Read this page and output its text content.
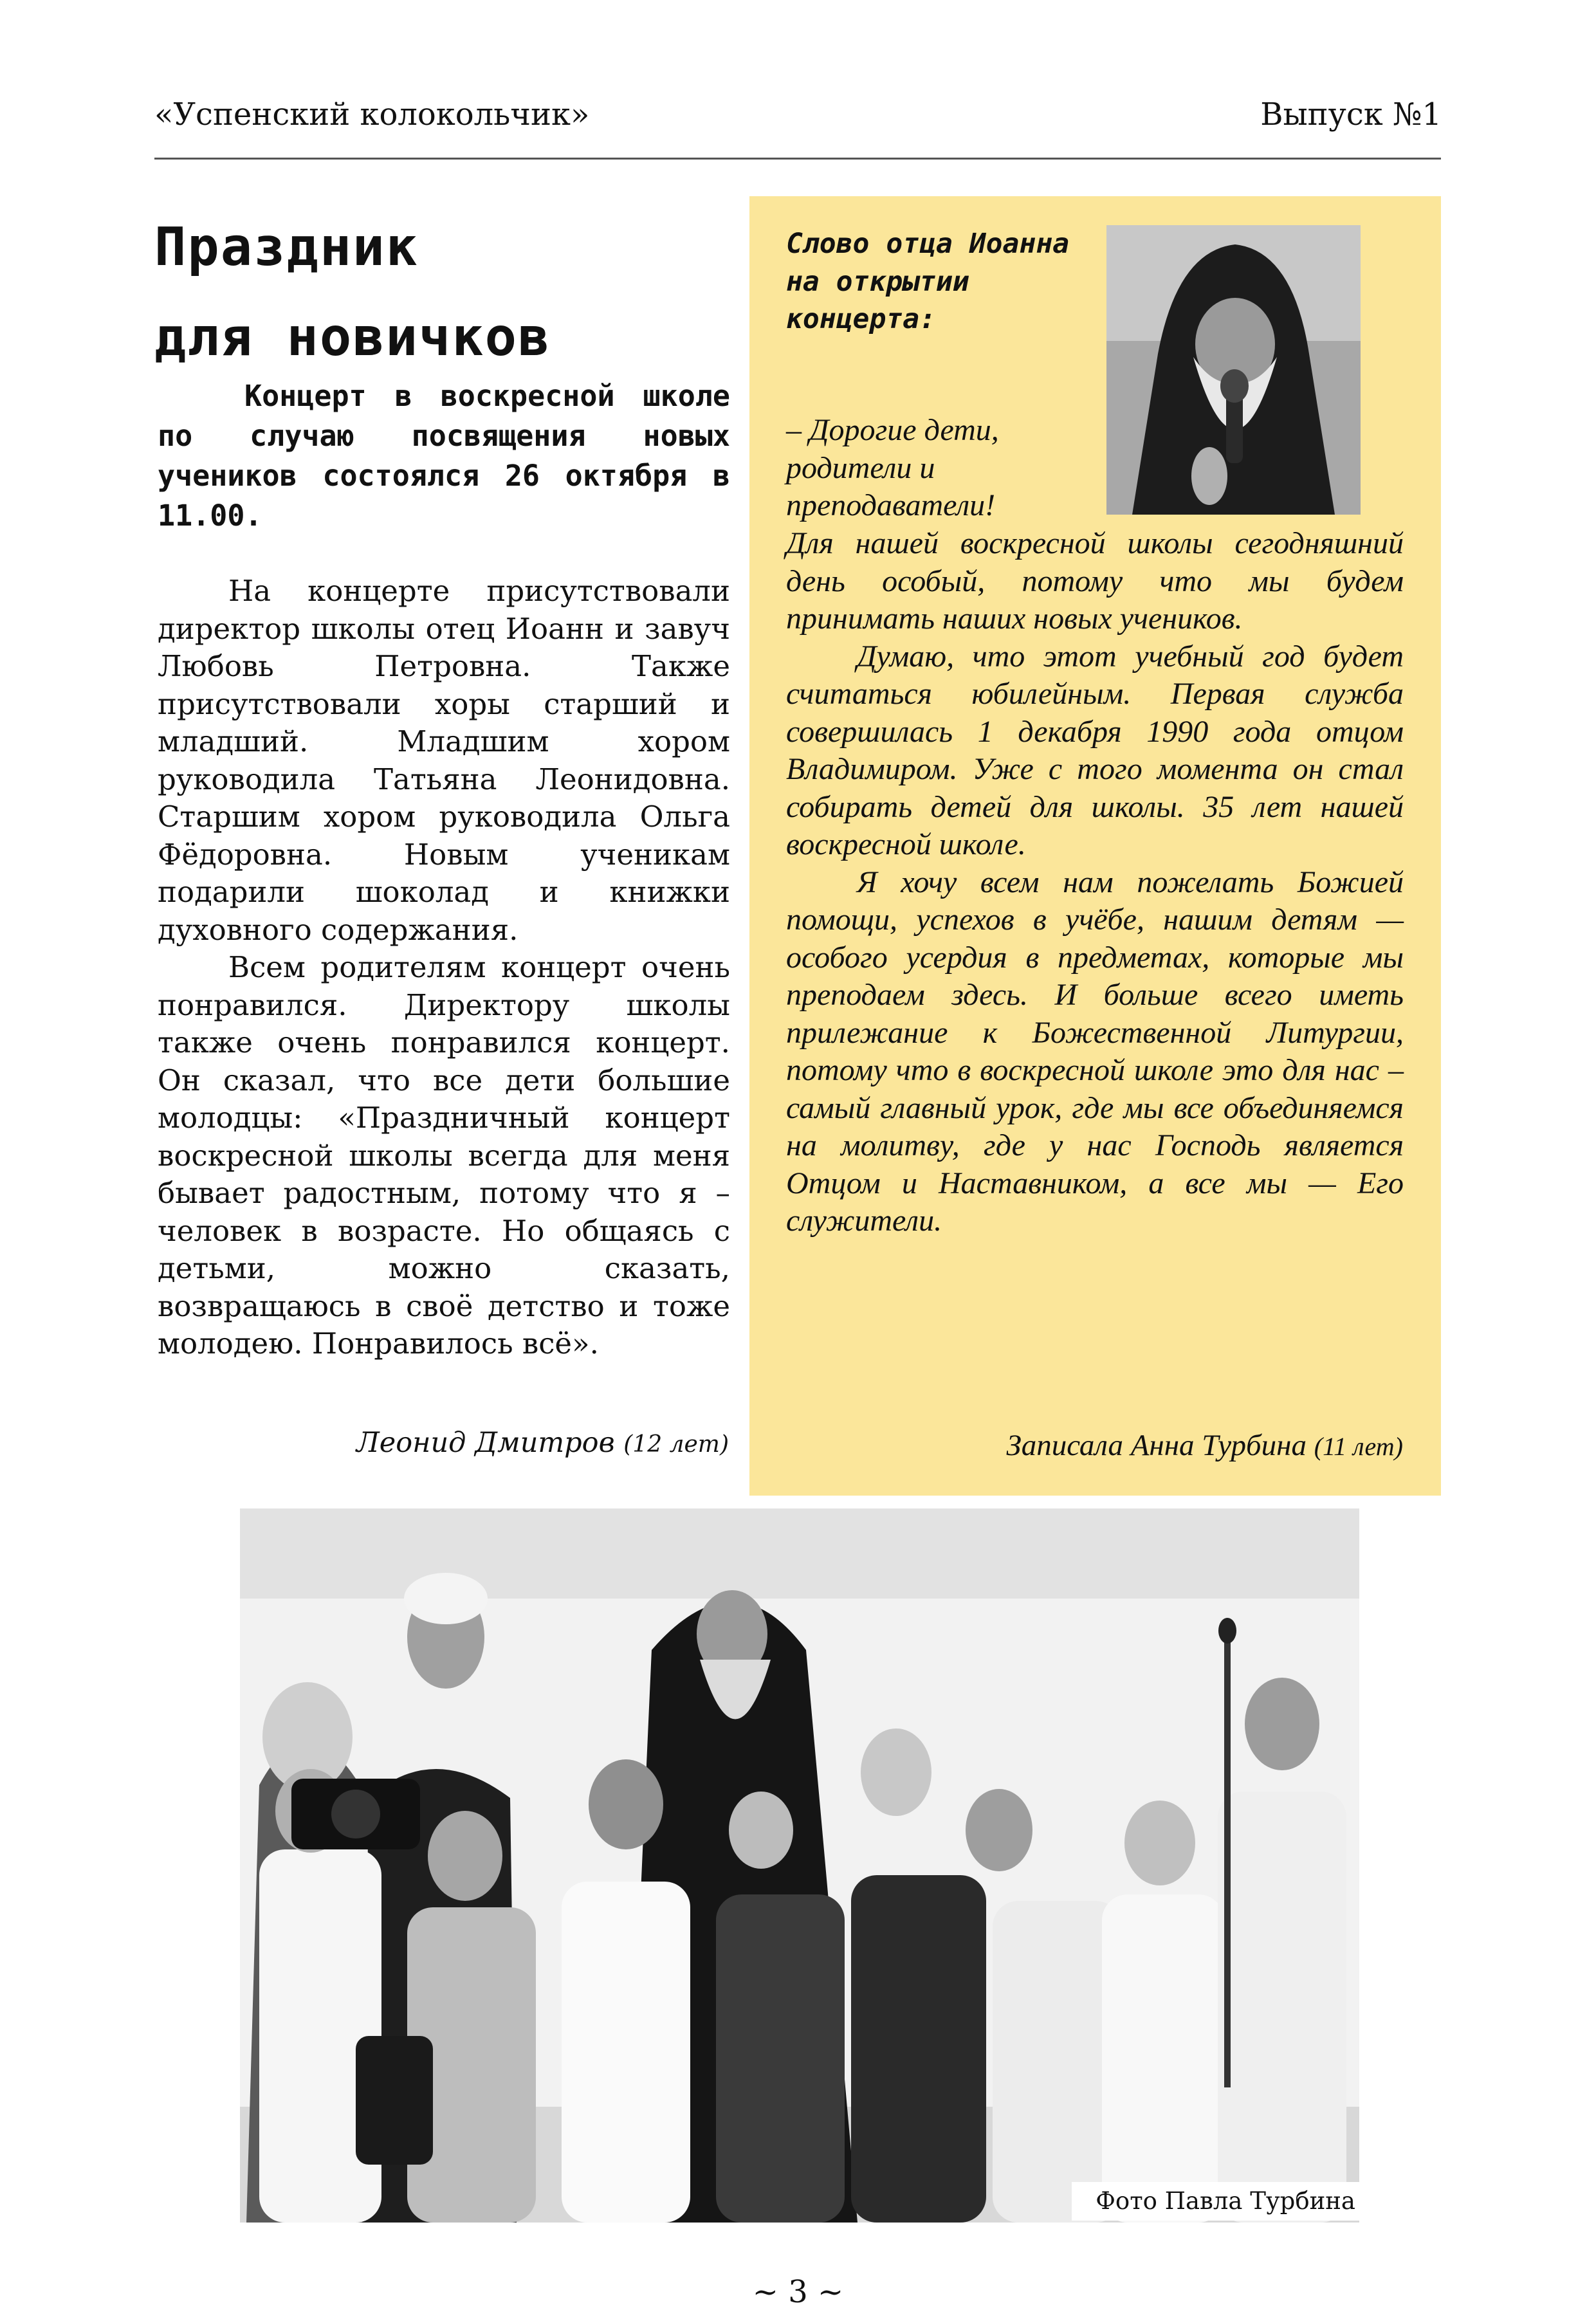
«Успенский колокольчик»	Выпуск №1
Праздник
для новичков

Концерт в воскресной школе по случаю посвящения новых учеников состоялся 26 октября в 11.00.

На концерте присутствовали директор школы отец Иоанн и завуч Любовь Петровна. Также присутствовали хоры старший и младший. Младшим хором руководила Татьяна Леонидовна. Старшим хором руководила Ольга Фёдоровна. Новым ученикам подарили шоколад и книжки духовного содержания.

Всем родителям концерт очень понравился. Директору школы также очень понравился концерт. Он сказал, что все дети большие молодцы: «Праздничный концерт воскресной школы всегда для меня бывает радостным, потому что я – человек в возрасте. Но общаясь с детьми, можно сказать, возвращаюсь в своё детство и тоже молодею. Понравилось всё».

Леонид Дмитров (12 лет)
Слово отца Иоанна на открытии концерта:
– Дорогие дети, родители и преподаватели!

Для нашей воскресной школы сегодняшний день особый, потому что мы будем принимать наших новых учеников.

Думаю, что этот учебный год будет считаться юбилейным. Первая служба совершилась 1 декабря 1990 года отцом Владимиром. Уже с того момента он стал собирать детей для школы. 35 лет нашей воскресной школе.

Я хочу всем нам пожелать Божией помощи, успехов в учёбе, нашим детям — особого усердия в предметах, которые мы преподаем здесь. И больше всего иметь прилежание к Божественной Литургии, потому что в воскресной школе это для нас – самый главный урок, где мы все объединяемся на молитву, где у нас Господь является Отцом и Наставником, а все мы — Его служители.

Записала Анна Турбина (11 лет)
Фото Павла Турбина
~ 3 ~
